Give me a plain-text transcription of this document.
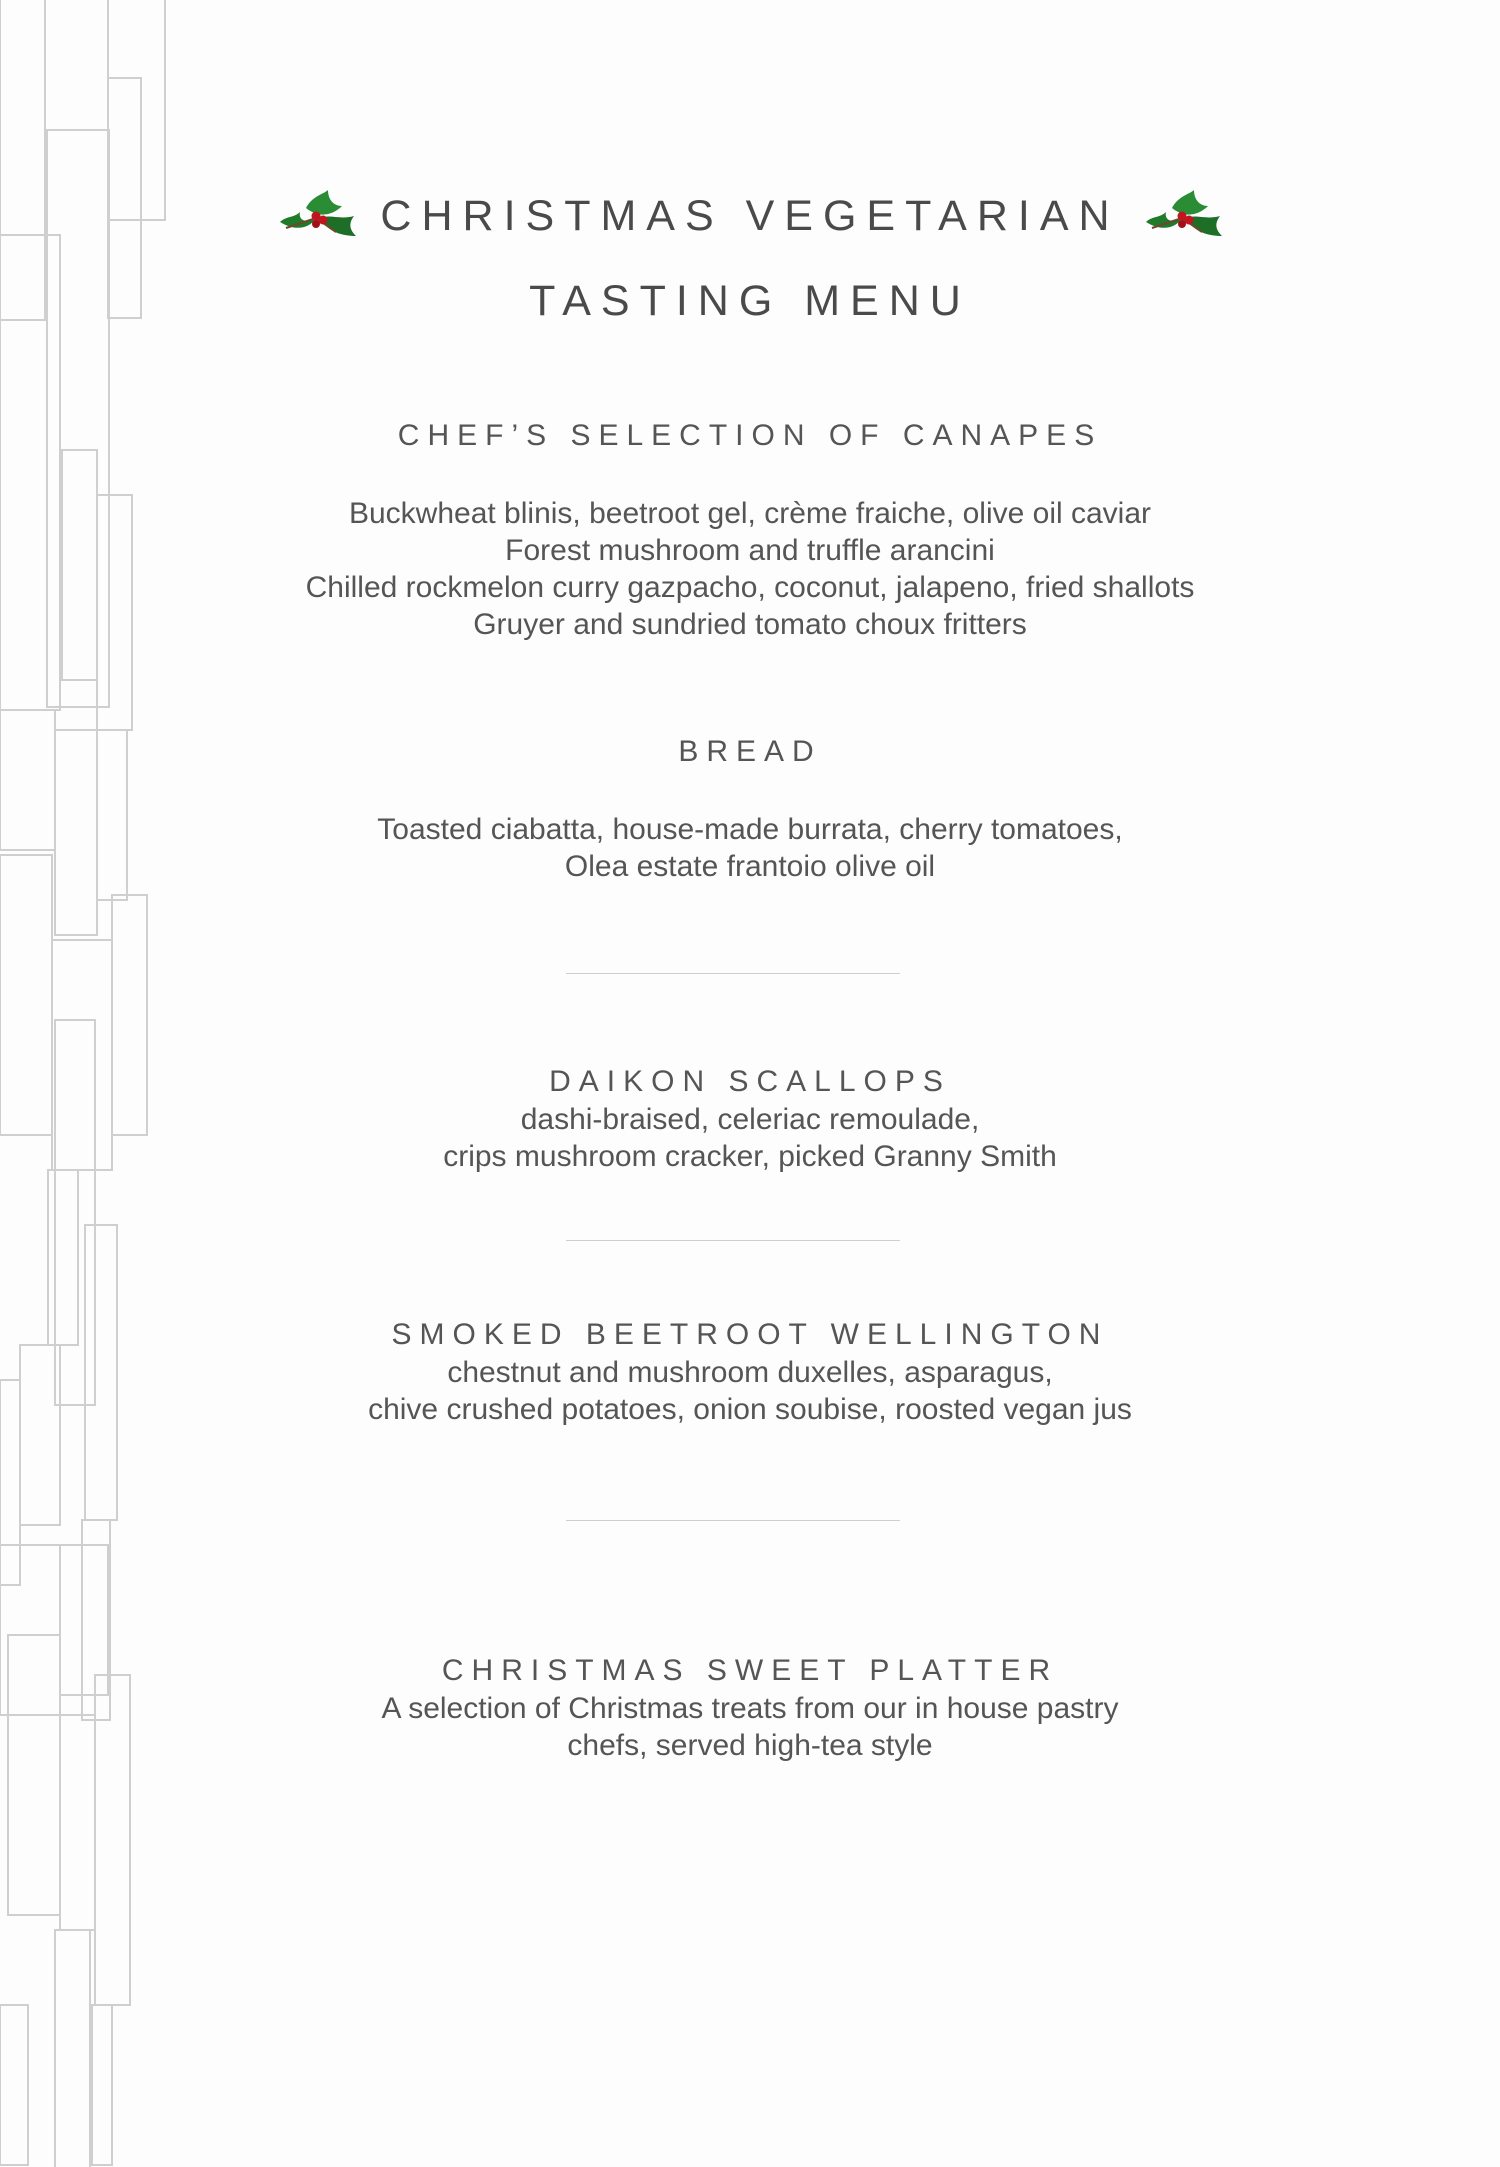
CHRISTMAS VEGETARIAN
TASTING MENU
CHEF’S SELECTION OF CANAPES
Buckwheat blinis, beetroot gel, crème fraiche, olive oil caviar
Forest mushroom and truffle arancini
Chilled rockmelon curry gazpacho, coconut, jalapeno, fried shallots
Gruyer and sundried tomato choux fritters
BREAD
Toasted ciabatta, house-made burrata, cherry tomatoes,
Olea estate frantoio olive oil
DAIKON SCALLOPS
dashi-braised, celeriac remoulade,
crips mushroom cracker, picked Granny Smith
SMOKED BEETROOT WELLINGTON
chestnut and mushroom duxelles, asparagus,
chive crushed potatoes, onion soubise, roosted vegan jus
CHRISTMAS SWEET PLATTER
A selection of Christmas treats from our in house pastry
chefs, served high-tea style
